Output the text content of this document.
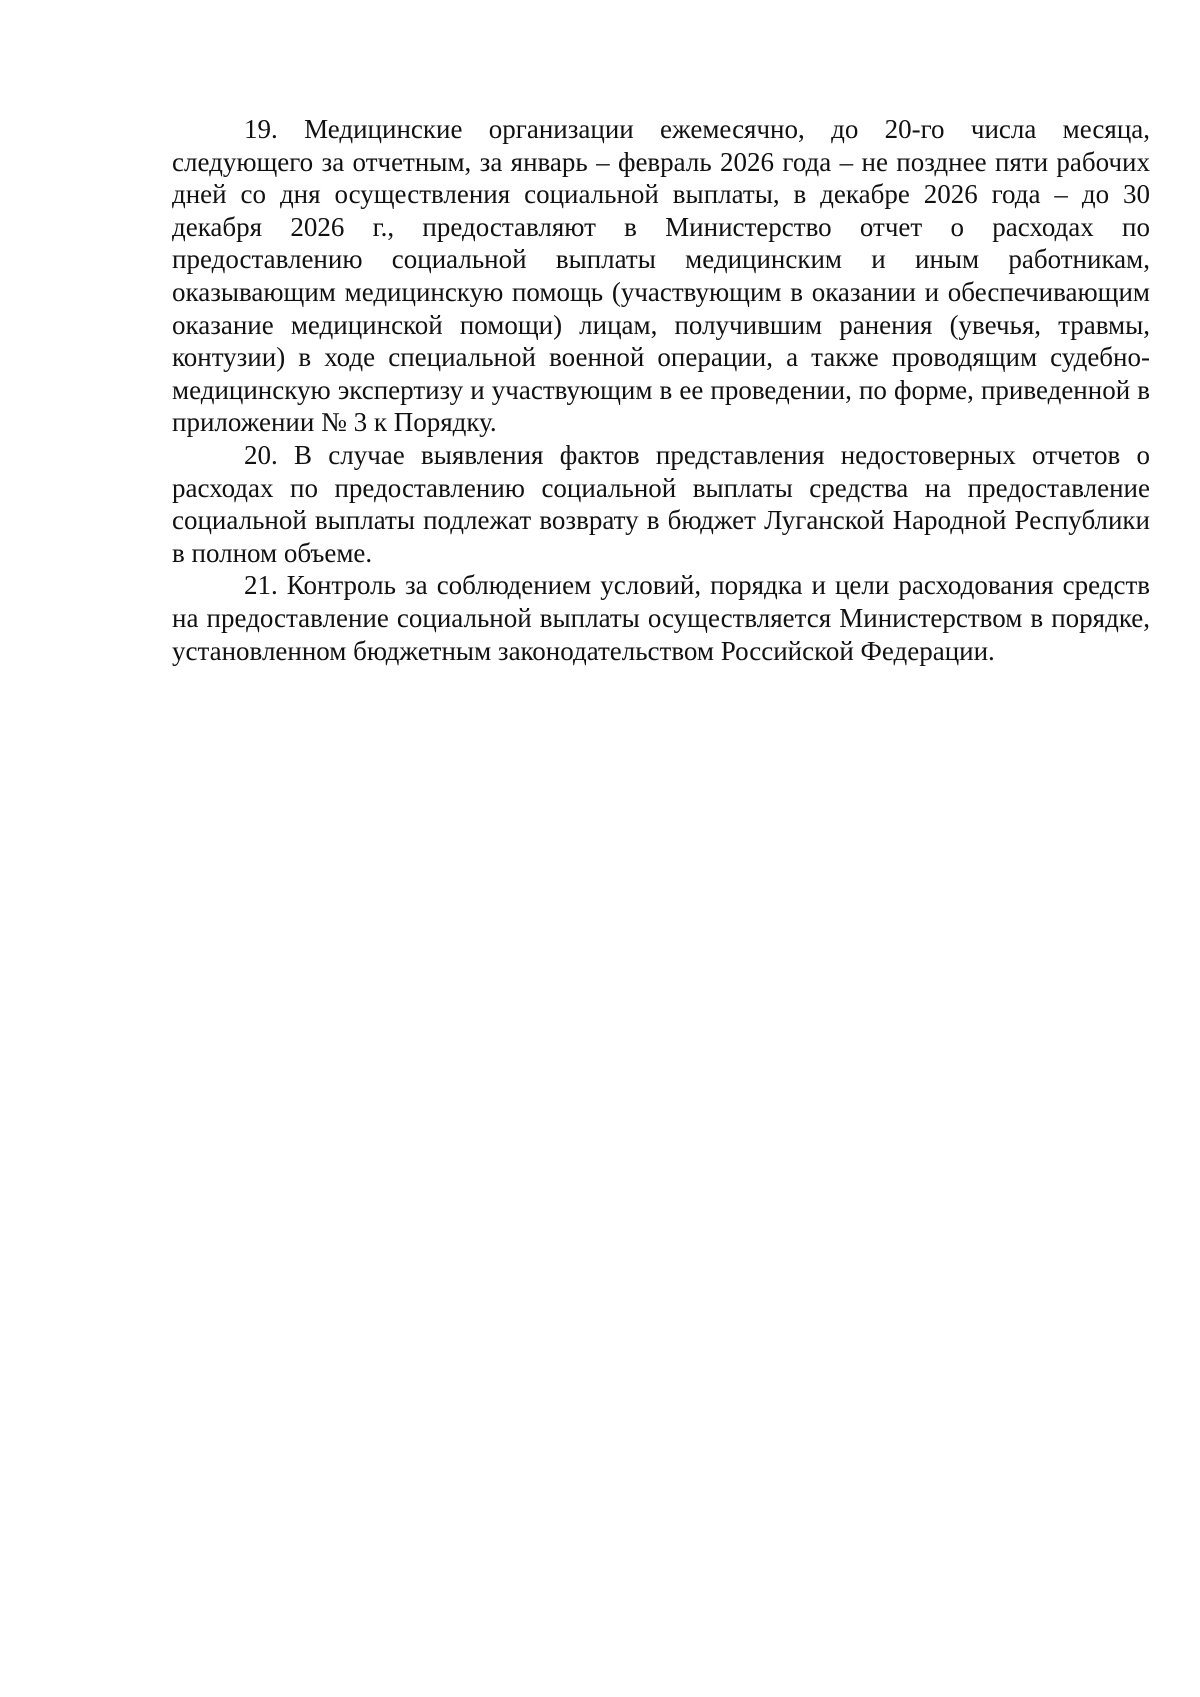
19. Медицинские организации ежемесячно, до 20-го числа месяца, следующего за отчетным, за январь – февраль 2026 года – не позднее пяти рабочих дней со дня осуществления социальной выплаты, в декабре 2026 года – до 30 декабря 2026 г., предоставляют в Министерство отчет о расходах по предоставлению социальной выплаты медицинским и иным работникам, оказывающим медицинскую помощь (участвующим в оказании и обеспечивающим оказание медицинской помощи) лицам, получившим ранения (увечья, травмы, контузии) в ходе специальной военной операции, а также проводящим судебно-медицинскую экспертизу и участвующим в ее проведении, по форме, приведенной в приложении № 3 к Порядку.

20. В случае выявления фактов представления недостоверных отчетов о расходах по предоставлению социальной выплаты средства на предоставление социальной выплаты подлежат возврату в бюджет Луганской Народной Республики в полном объеме.

21. Контроль за соблюдением условий, порядка и цели расходования средств на предоставление социальной выплаты осуществляется Министерством в порядке, установленном бюджетным законодательством Российской Федерации.
